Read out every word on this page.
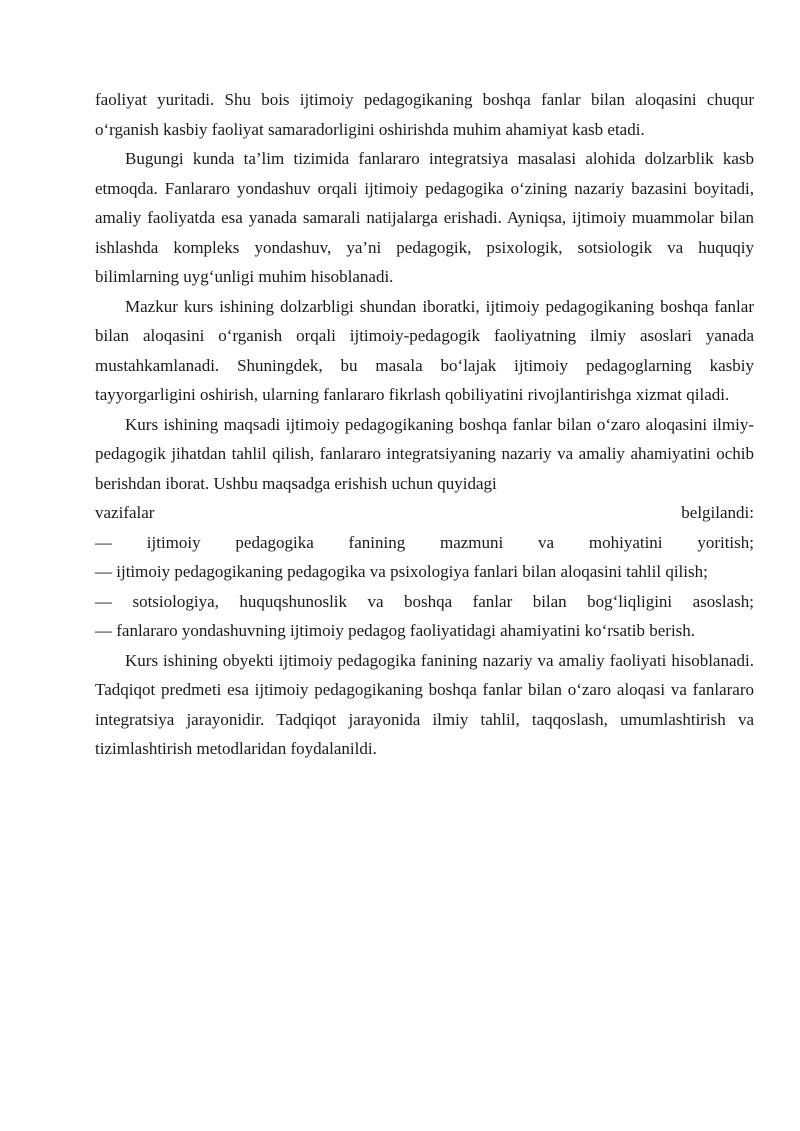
faoliyat yuritadi. Shu bois ijtimoiy pedagogikaning boshqa fanlar bilan aloqasini chuqur o‘rganish kasbiy faoliyat samaradorligini oshirishda muhim ahamiyat kasb etadi.

Bugungi kunda ta’lim tizimida fanlararo integratsiya masalasi alohida dolzarblik kasb etmoqda. Fanlararo yondashuv orqali ijtimoiy pedagogika o‘zining nazariy bazasini boyitadi, amaliy faoliyatda esa yanada samarali natijalarga erishadi. Ayniqsa, ijtimoiy muammolar bilan ishlashda kompleks yondashuv, ya’ni pedagogik, psixologik, sotsiologik va huquqiy bilimlarning uyg‘unligi muhim hisoblanadi.

Mazkur kurs ishining dolzarbligi shundan iboratki, ijtimoiy pedagogikaning boshqa fanlar bilan aloqasini o‘rganish orqali ijtimoiy-pedagogik faoliyatning ilmiy asoslari yanada mustahkamlanadi. Shuningdek, bu masala bo‘lajak ijtimoiy pedagoglarning kasbiy tayyorgarligini oshirish, ularning fanlararo fikrlash qobiliyatini rivojlantirishga xizmat qiladi.

Kurs ishining maqsadi ijtimoiy pedagogikaning boshqa fanlar bilan o‘zaro aloqasini ilmiy-pedagogik jihatdan tahlil qilish, fanlararo integratsiyaning nazariy va amaliy ahamiyatini ochib berishdan iborat. Ushbu maqsadga erishish uchun quyidagi

vazifalar	belgilandi:

— ijtimoiy pedagogika fanining mazmuni va mohiyatini yoritish;

— ijtimoiy pedagogikaning pedagogika va psixologiya fanlari bilan aloqasini tahlil qilish;

— sotsiologiya, huquqshunoslik va boshqa fanlar bilan bog‘liqligini asoslash;

— fanlararo yondashuvning ijtimoiy pedagog faoliyatidagi ahamiyatini ko‘rsatib berish.

Kurs ishining obyekti ijtimoiy pedagogika fanining nazariy va amaliy faoliyati hisoblanadi. Tadqiqot predmeti esa ijtimoiy pedagogikaning boshqa fanlar bilan o‘zaro aloqasi va fanlararo integratsiya jarayonidir. Tadqiqot jarayonida ilmiy tahlil, taqqoslash, umumlashtirish va tizimlashtirish metodlaridan foydalanildi.
